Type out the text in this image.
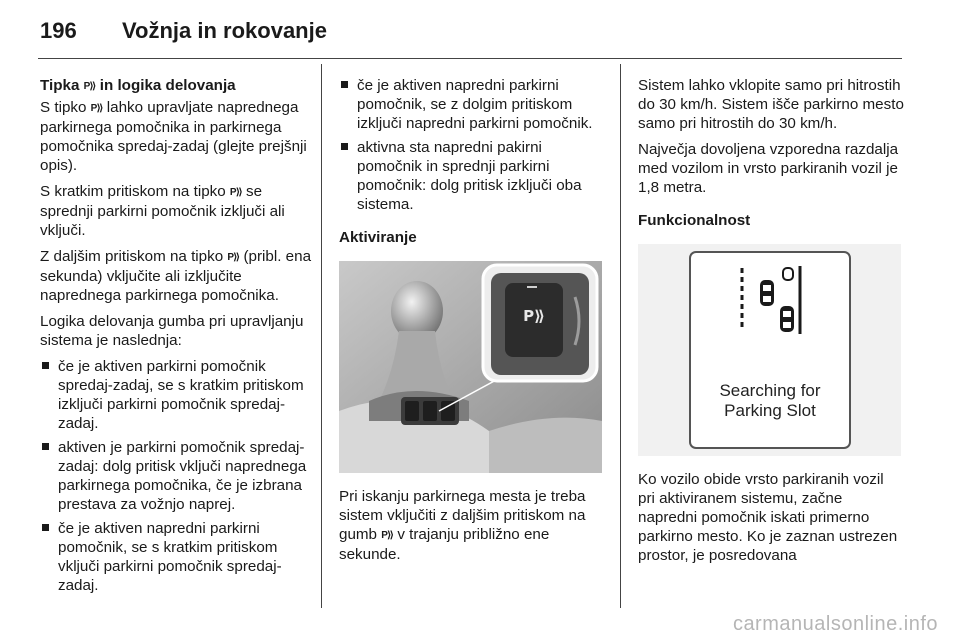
196	Vožnja in rokovanje

Tipka P⟫ in logika delovanja

S tipko P⟫ lahko upravljate naprednega parkirnega pomočnika in parkirnega pomočnika spredaj-zadaj (glejte prejšnji opis).

S kratkim pritiskom na tipko P⟫ se sprednji parkirni pomočnik izključi ali vključi.

Z daljšim pritiskom na tipko P⟫ (pribl. ena sekunda) vključite ali izključite naprednega parkirnega pomočnika.

Logika delovanja gumba pri upravljanju sistema je naslednja:

če je aktiven parkirni pomočnik spredaj-zadaj, se s kratkim pritiskom izključi parkirni pomočnik spredaj-zadaj.
aktiven je parkirni pomočnik spredaj-zadaj: dolg pritisk vključi naprednega parkirnega pomočnika, če je izbrana prestava za vožnjo naprej.
če je aktiven napredni parkirni pomočnik, se s kratkim pritiskom vključi parkirni pomočnik spredaj-zadaj.
če je aktiven napredni parkirni pomočnik, se z dolgim pritiskom izključi napredni parkirni pomočnik.
aktivna sta napredni pakirni pomočnik in sprednji parkirni pomočnik: dolg pritisk izključi oba sistema.

Aktiviranje

P⟫

Pri iskanju parkirnega mesta je treba sistem vključiti z daljšim pritiskom na gumb P⟫ v trajanju približno ene sekunde.

Sistem lahko vklopite samo pri hitrostih do 30 km/h. Sistem išče parkirno mesto samo pri hitrostih do 30 km/h.

Največja dovoljena vzporedna razdalja med vozilom in vrsto parkiranih vozil je 1,8 metra.

Funkcionalnost

Searching for
Parking Slot

Ko vozilo obide vrsto parkiranih vozil pri aktiviranem sistemu, začne napredni pomočnik iskati primerno parkirno mesto. Ko je zaznan ustrezen prostor, je posredovana

carmanualsonline.info
